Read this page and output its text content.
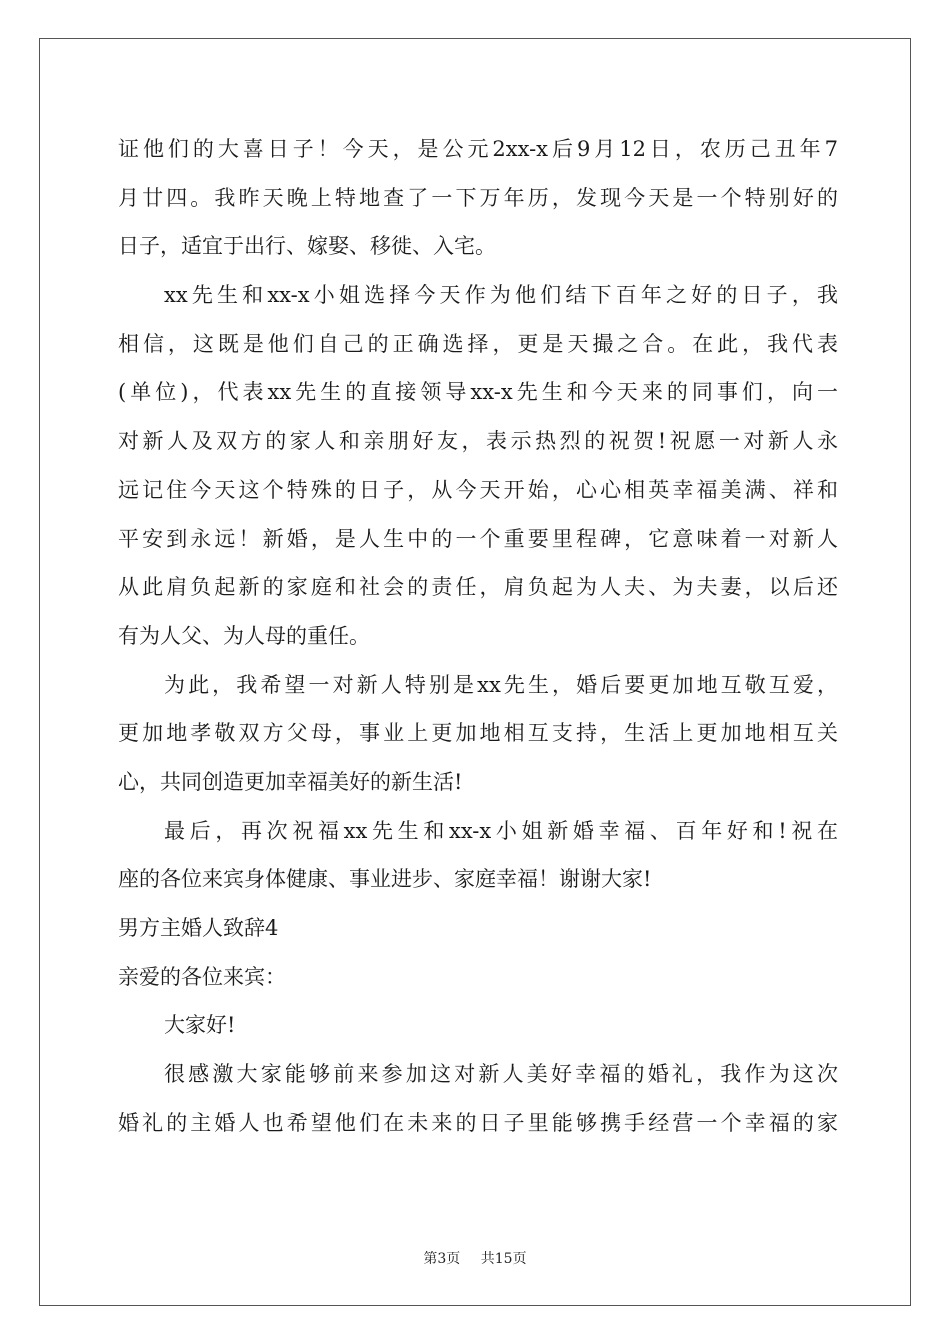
证他们的大喜日子！今天，是公元2xx-x后9月12日，农历己丑年7
月廿四。我昨天晚上特地查了一下万年历，发现今天是一个特别好的
日子，适宜于出行、嫁娶、移徙、入宅。
xx先生和xx-x小姐选择今天作为他们结下百年之好的日子，我
相信，这既是他们自己的正确选择，更是天撮之合。在此，我代表
(单位)，代表xx先生的直接领导xx-x先生和今天来的同事们，向一
对新人及双方的家人和亲朋好友，表示热烈的祝贺!祝愿一对新人永
远记住今天这个特殊的日子，从今天开始，心心相英幸福美满、祥和
平安到永远！新婚，是人生中的一个重要里程碑，它意味着一对新人
从此肩负起新的家庭和社会的责任，肩负起为人夫、为夫妻，以后还
有为人父、为人母的重任。
为此，我希望一对新人特别是xx先生，婚后要更加地互敬互爱，
更加地孝敬双方父母，事业上更加地相互支持，生活上更加地相互关
心，共同创造更加幸福美好的新生活!
最后，再次祝福xx先生和xx-x小姐新婚幸福、百年好和!祝在
座的各位来宾身体健康、事业进步、家庭幸福！谢谢大家!
男方主婚人致辞4
亲爱的各位来宾：
大家好!
很感激大家能够前来参加这对新人美好幸福的婚礼，我作为这次
婚礼的主婚人也希望他们在未来的日子里能够携手经营一个幸福的家
第3页 共15页
